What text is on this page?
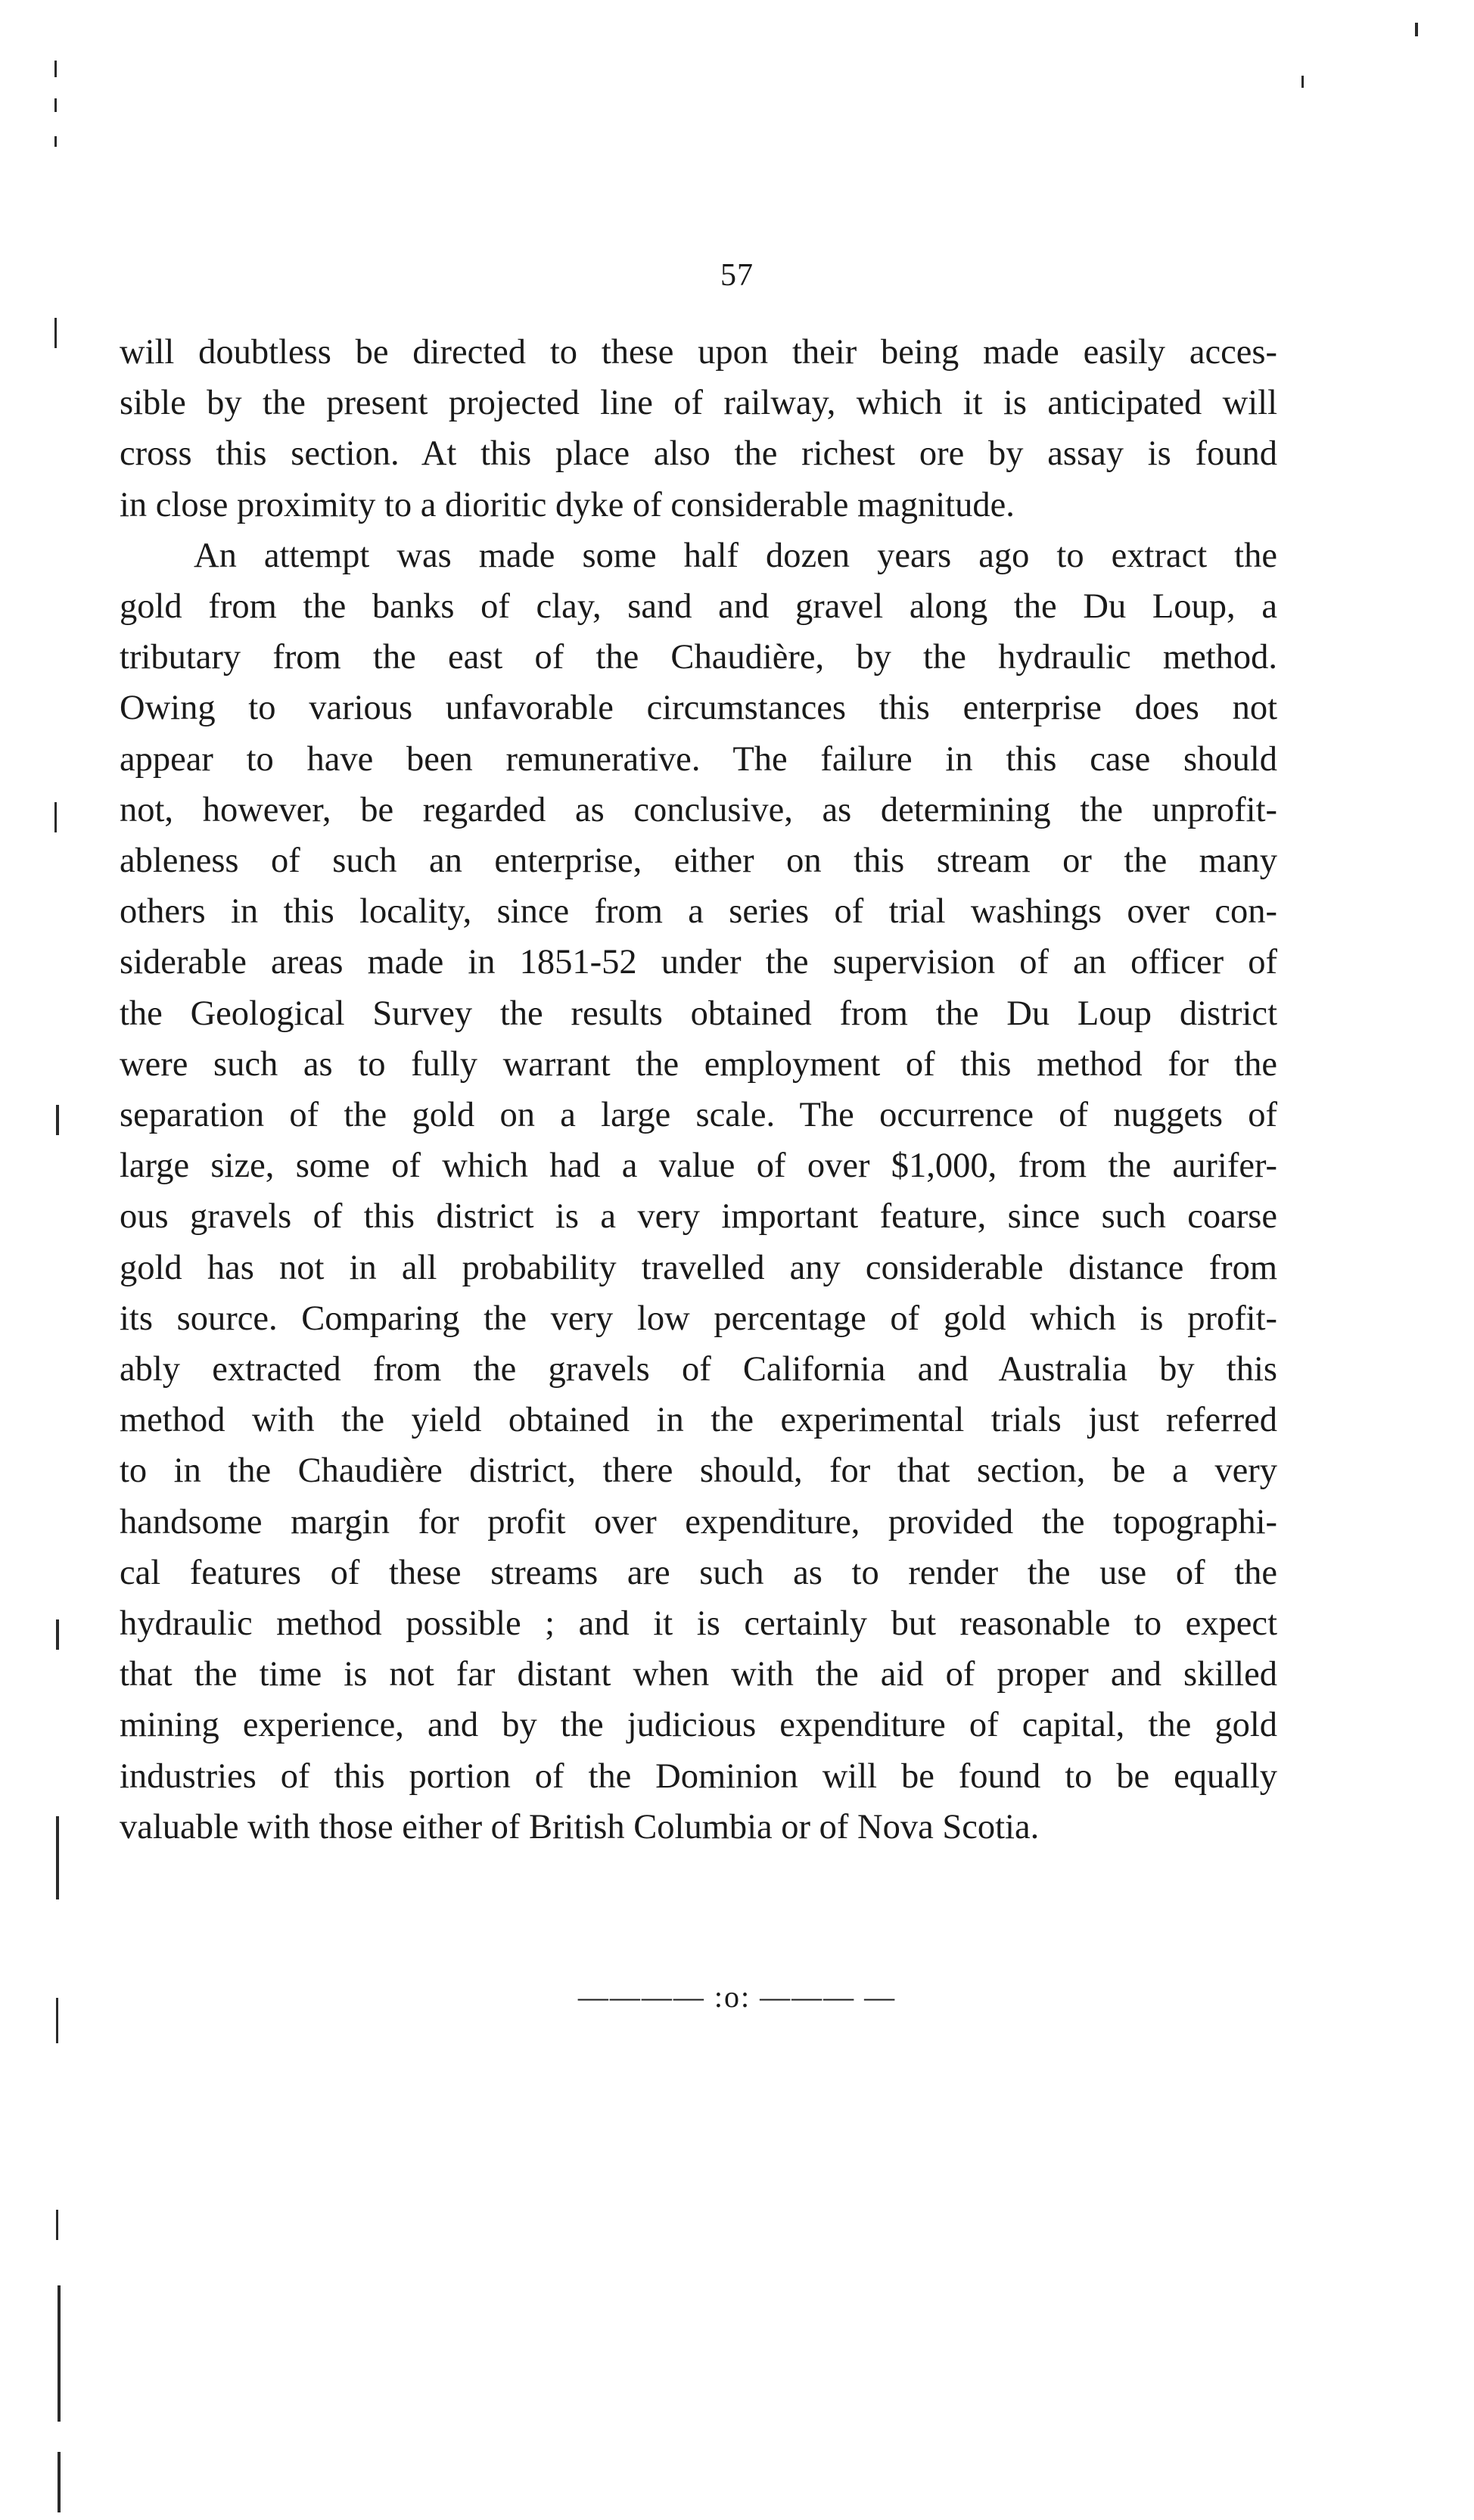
57
will doubtless be directed to these upon their being made easily acces-
sible by the present projected line of railway, which it is anticipated will
cross this section. At this place also the richest ore by assay is found
in close proximity to a dioritic dyke of considerable magnitude.
An attempt was made some half dozen years ago to extract the
gold from the banks of clay, sand and gravel along the Du Loup, a
tributary from the east of the Chaudière, by the hydraulic method.
Owing to various unfavorable circumstances this enterprise does not
appear to have been remunerative. The failure in this case should
not, however, be regarded as conclusive, as determining the unprofit-
ableness of such an enterprise, either on this stream or the many
others in this locality, since from a series of trial washings over con-
siderable areas made in 1851-52 under the supervision of an officer of
the Geological Survey the results obtained from the Du Loup district
were such as to fully warrant the employment of this method for the
separation of the gold on a large scale. The occurrence of nuggets of
large size, some of which had a value of over $1,000, from the aurifer-
ous gravels of this district is a very important feature, since such coarse
gold has not in all probability travelled any considerable distance from
its source. Comparing the very low percentage of gold which is profit-
ably extracted from the gravels of California and Australia by this
method with the yield obtained in the experimental trials just referred
to in the Chaudière district, there should, for that section, be a very
handsome margin for profit over expenditure, provided the topographi-
cal features of these streams are such as to render the use of the
hydraulic method possible ; and it is certainly but reasonable to expect
that the time is not far distant when with the aid of proper and skilled
mining experience, and by the judicious expenditure of capital, the gold
industries of this portion of the Dominion will be found to be equally
valuable with those either of British Columbia or of Nova Scotia.
———— :o: ——— —
